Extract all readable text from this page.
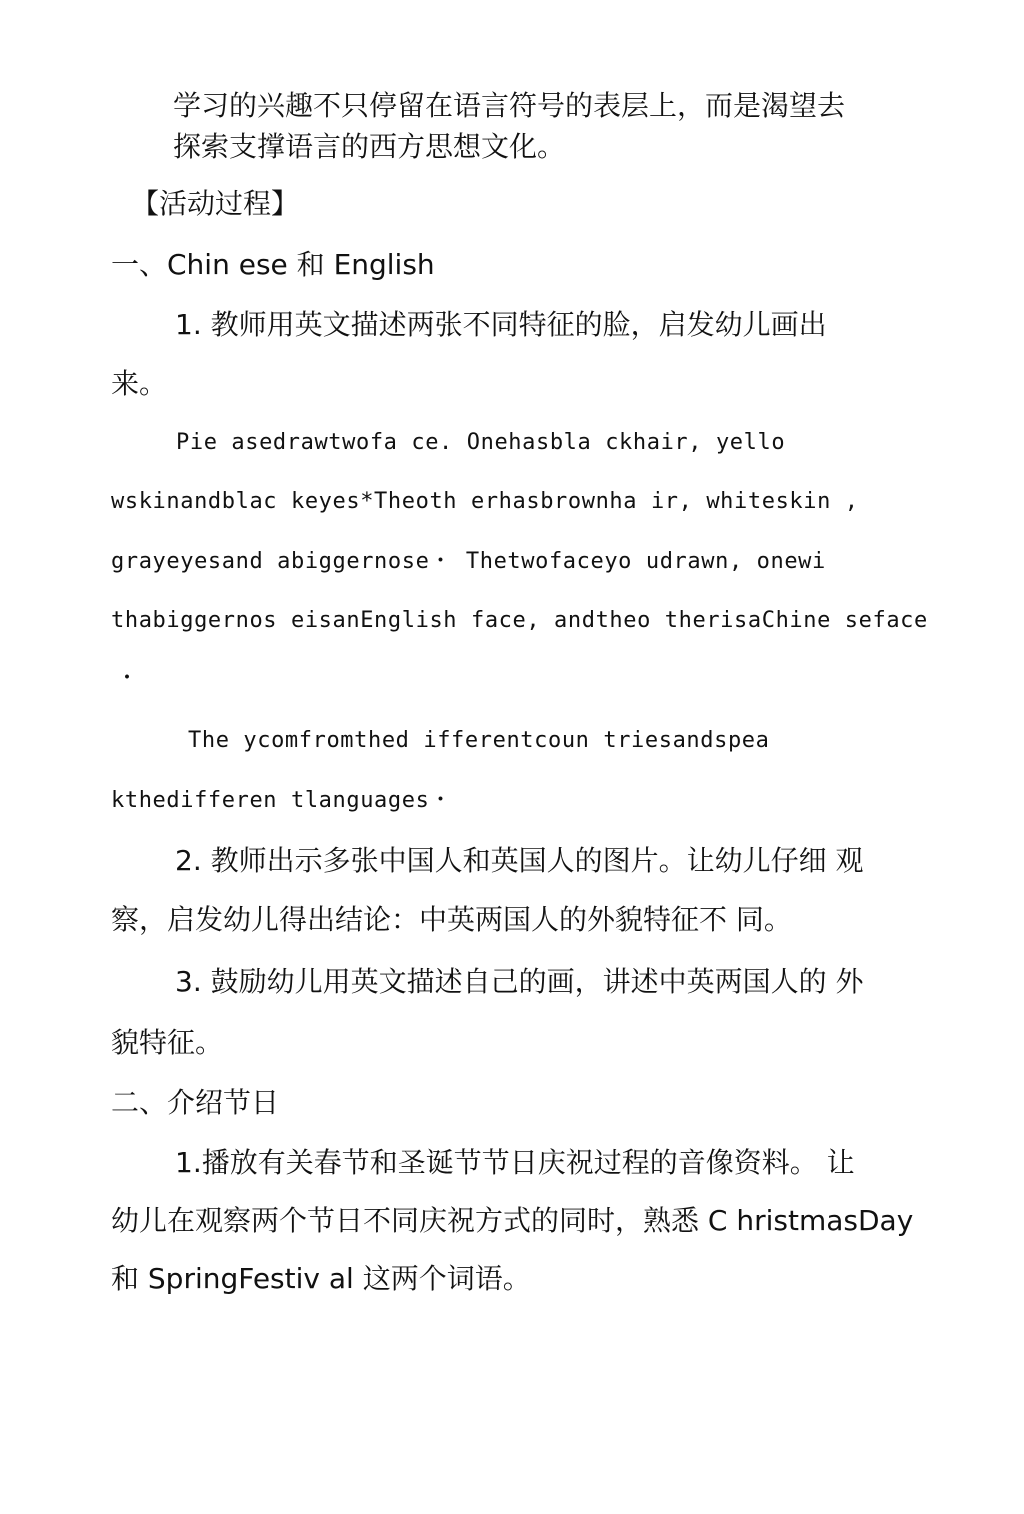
学习的兴趣不只停留在语言符号的表层上，而是渴望去

探索支撑语言的西方思想文化。

【活动过程】

一、Chin ese 和 English

1. 教师用英文描述两张不同特征的脸，启发幼儿画出

来。

Pie asedrawtwofa ce. Onehasbla ckhair, yello

wskinandblac keyes*Theoth erhasbrownha ir, whiteskin ,

grayeyesand abiggernose・ Thetwofaceyo udrawn, onewi

thabiggernos eisanEnglish face, andtheo therisaChine seface

・

The ycomfromthed ifferentcoun triesandspea

kthedifferen tlanguages・

2. 教师出示多张中国人和英国人的图片。让幼儿仔细 观

察，启发幼儿得出结论：中英两国人的外貌特征不 同。

3. 鼓励幼儿用英文描述自己的画，讲述中英两国人的 外

貌特征。

二、介绍节日

1.播放有关春节和圣诞节节日庆祝过程的音像资料。 让

幼儿在观察两个节日不同庆祝方式的同时，熟悉 C hristmasDay

和 SpringFestiv al 这两个词语。
